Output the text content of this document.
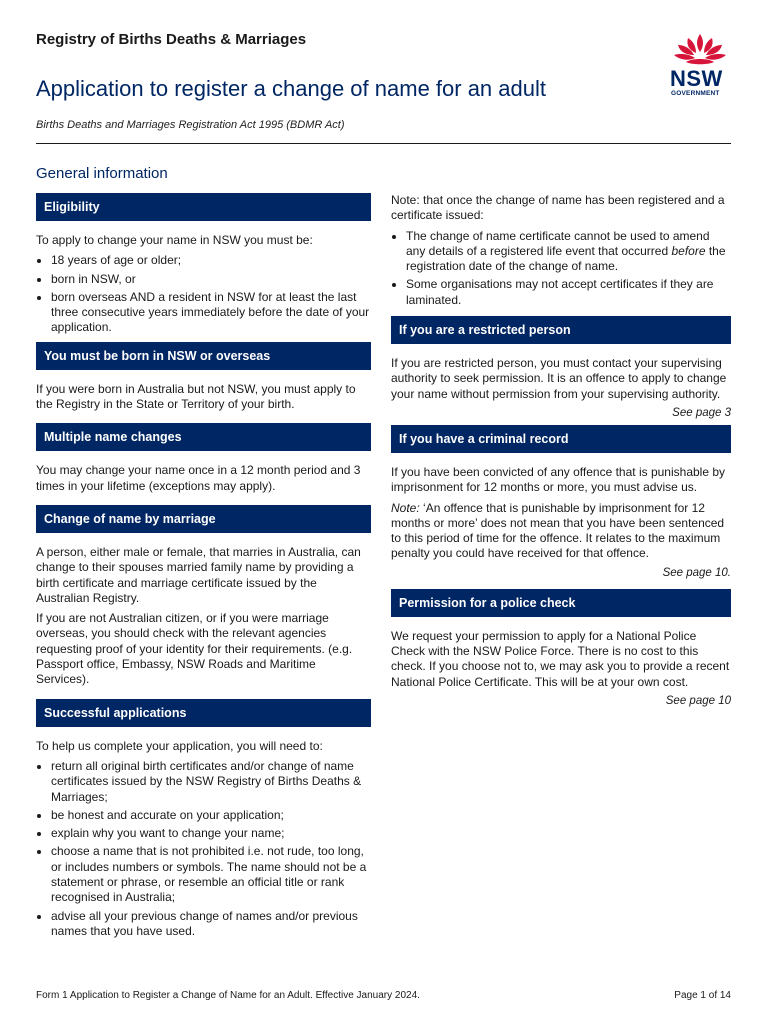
Registry of Births Deaths & Marriages
Application to register a change of name for an adult
Births Deaths and Marriages Registration Act 1995 (BDMR Act)
NSW
GOVERNMENT
General information
Eligibility

To apply to change your name in NSW you must be:

• 18 years of age or older;
• born in NSW, or
• born overseas AND a resident in NSW for at least the last three consecutive years immediately before the date of your application.
You must be born in NSW or overseas

If you were born in Australia but not NSW, you must apply to the Registry in the State or Territory of your birth.

Multiple name changes

You may change your name once in a 12 month period and 3 times in your lifetime (exceptions may apply).

Change of name by marriage

A person, either male or female, that marries in Australia, can change to their spouses married family name by providing a birth certificate and marriage certificate issued by the Australian Registry.

If you are not Australian citizen, or if you were marriage overseas, you should check with the relevant agencies requesting proof of your identity for their requirements. (e.g. Passport office, Embassy, NSW Roads and Maritime Services).

Successful applications

To help us complete your application, you will need to:

• return all original birth certificates and/or change of name certificates issued by the NSW Registry of Births Deaths & Marriages;
• be honest and accurate on your application;
• explain why you want to change your name;
• choose a name that is not prohibited i.e. not rude, too long, or includes numbers or symbols. The name should not be a statement or phrase, or resemble an official title or rank recognised in Australia;
• advise all your previous change of names and/or previous names that you have used.

Note: that once the change of name has been registered and a certificate issued:

• The change of name certificate cannot be used to amend any details of a registered life event that occurred before the registration date of the change of name.
• Some organisations may not accept certificates if they are laminated.
If you are a restricted person

If you are restricted person, you must contact your supervising authority to seek permission. It is an offence to apply to change your name without permission from your supervising authority.

See page 3
If you have a criminal record

If you have been convicted of any offence that is punishable by imprisonment for 12 months or more, you must advise us.

Note: ‘An offence that is punishable by imprisonment for 12 months or more’ does not mean that you have been sentenced to this period of time for the offence. It relates to the maximum penalty you could have received for that offence.

See page 10.
Permission for a police check

We request your permission to apply for a National Police Check with the NSW Police Force. There is no cost to this check. If you choose not to, we may ask you to provide a recent National Police Certificate. This will be at your own cost.

See page 10
Form 1 Application to Register a Change of Name for an Adult. Effective January 2024.	Page 1 of 14
